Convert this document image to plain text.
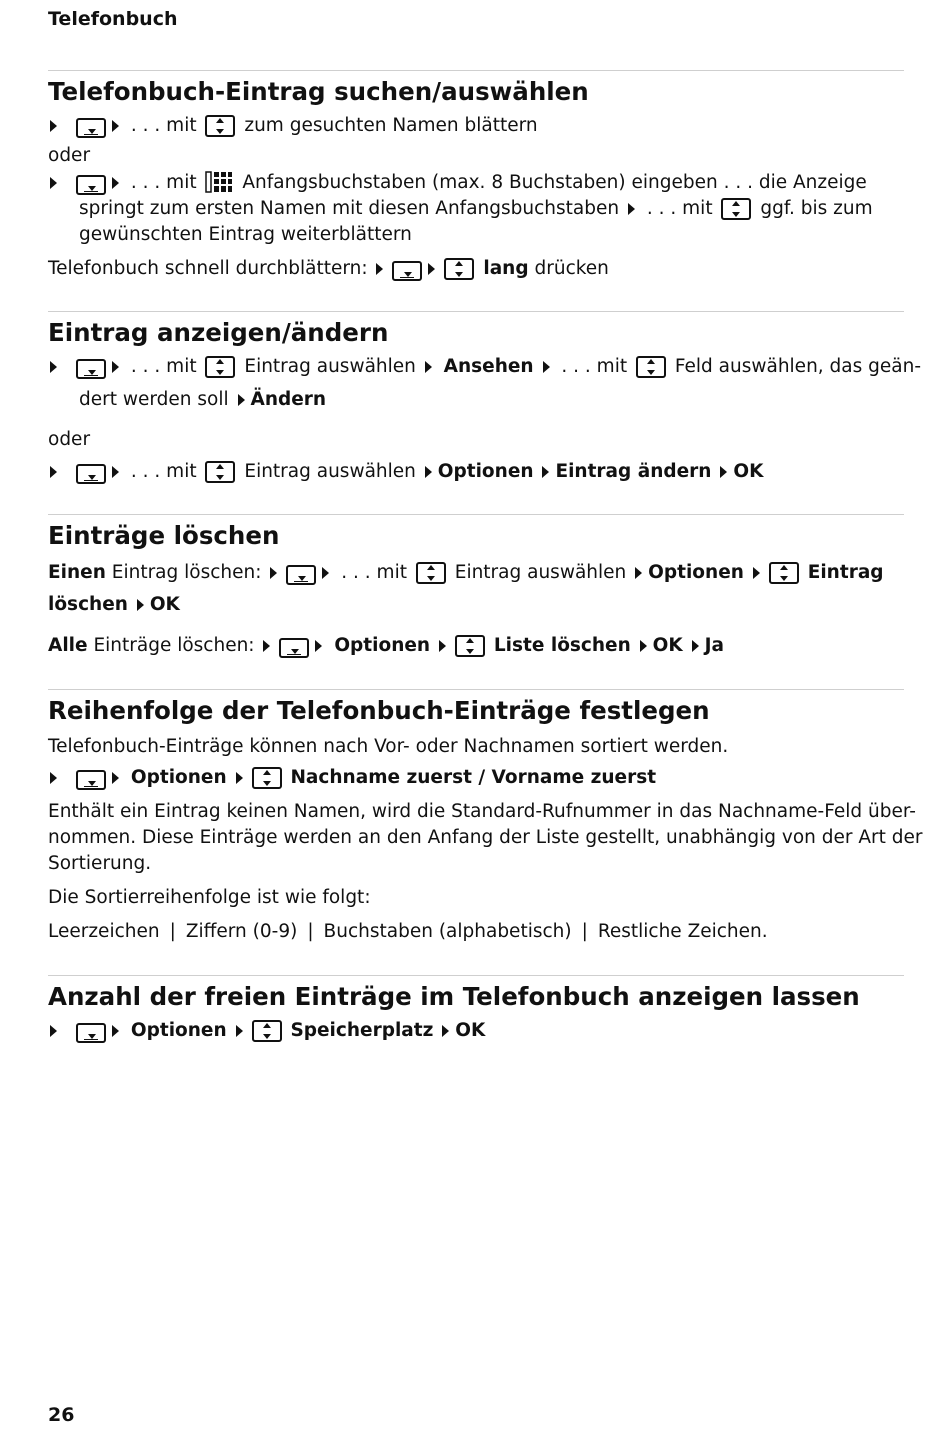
Telefonbuch
Telefonbuch-Eintrag suchen/auswählen
. . . mit	zum gesuchten Namen blättern
oder
. . . mit Anfangsbuchstaben (max. 8 Buchstaben) eingeben . . . die Anzeige
springt zum ersten Namen mit diesen Anfangsbuchstaben . . . mit	ggf. bis zum
gewünschten Eintrag weiterblättern
Telefonbuch schnell durchblättern:	lang drücken
Eintrag anzeigen/ändern
. . . mit	Eintrag auswählen Ansehen . . . mit	Feld auswählen, das geän-
dert werden soll Ändern
oder
. . . mit	Eintrag auswählen Optionen Eintrag ändern OK
Einträge löschen
Einen Eintrag löschen:	. . . mit	Eintrag auswählen Optionen	Eintrag
löschen OK
Alle Einträge löschen:	Optionen	Liste löschen OK Ja
Reihenfolge der Telefonbuch-Einträge festlegen
Telefonbuch-Einträge können nach Vor- oder Nachnamen sortiert werden.
Optionen	Nachname zuerst / Vorname zuerst
Enthält ein Eintrag keinen Namen, wird die Standard-Rufnummer in das Nachname-Feld über-
nommen. Diese Einträge werden an den Anfang der Liste gestellt, unabhängig von der Art der
Sortierung.
Die Sortierreihenfolge ist wie folgt:
Leerzeichen | Ziffern (0-9) | Buchstaben (alphabetisch) | Restliche Zeichen.
Anzahl der freien Einträge im Telefonbuch anzeigen lassen
Optionen	Speicherplatz OK
26
